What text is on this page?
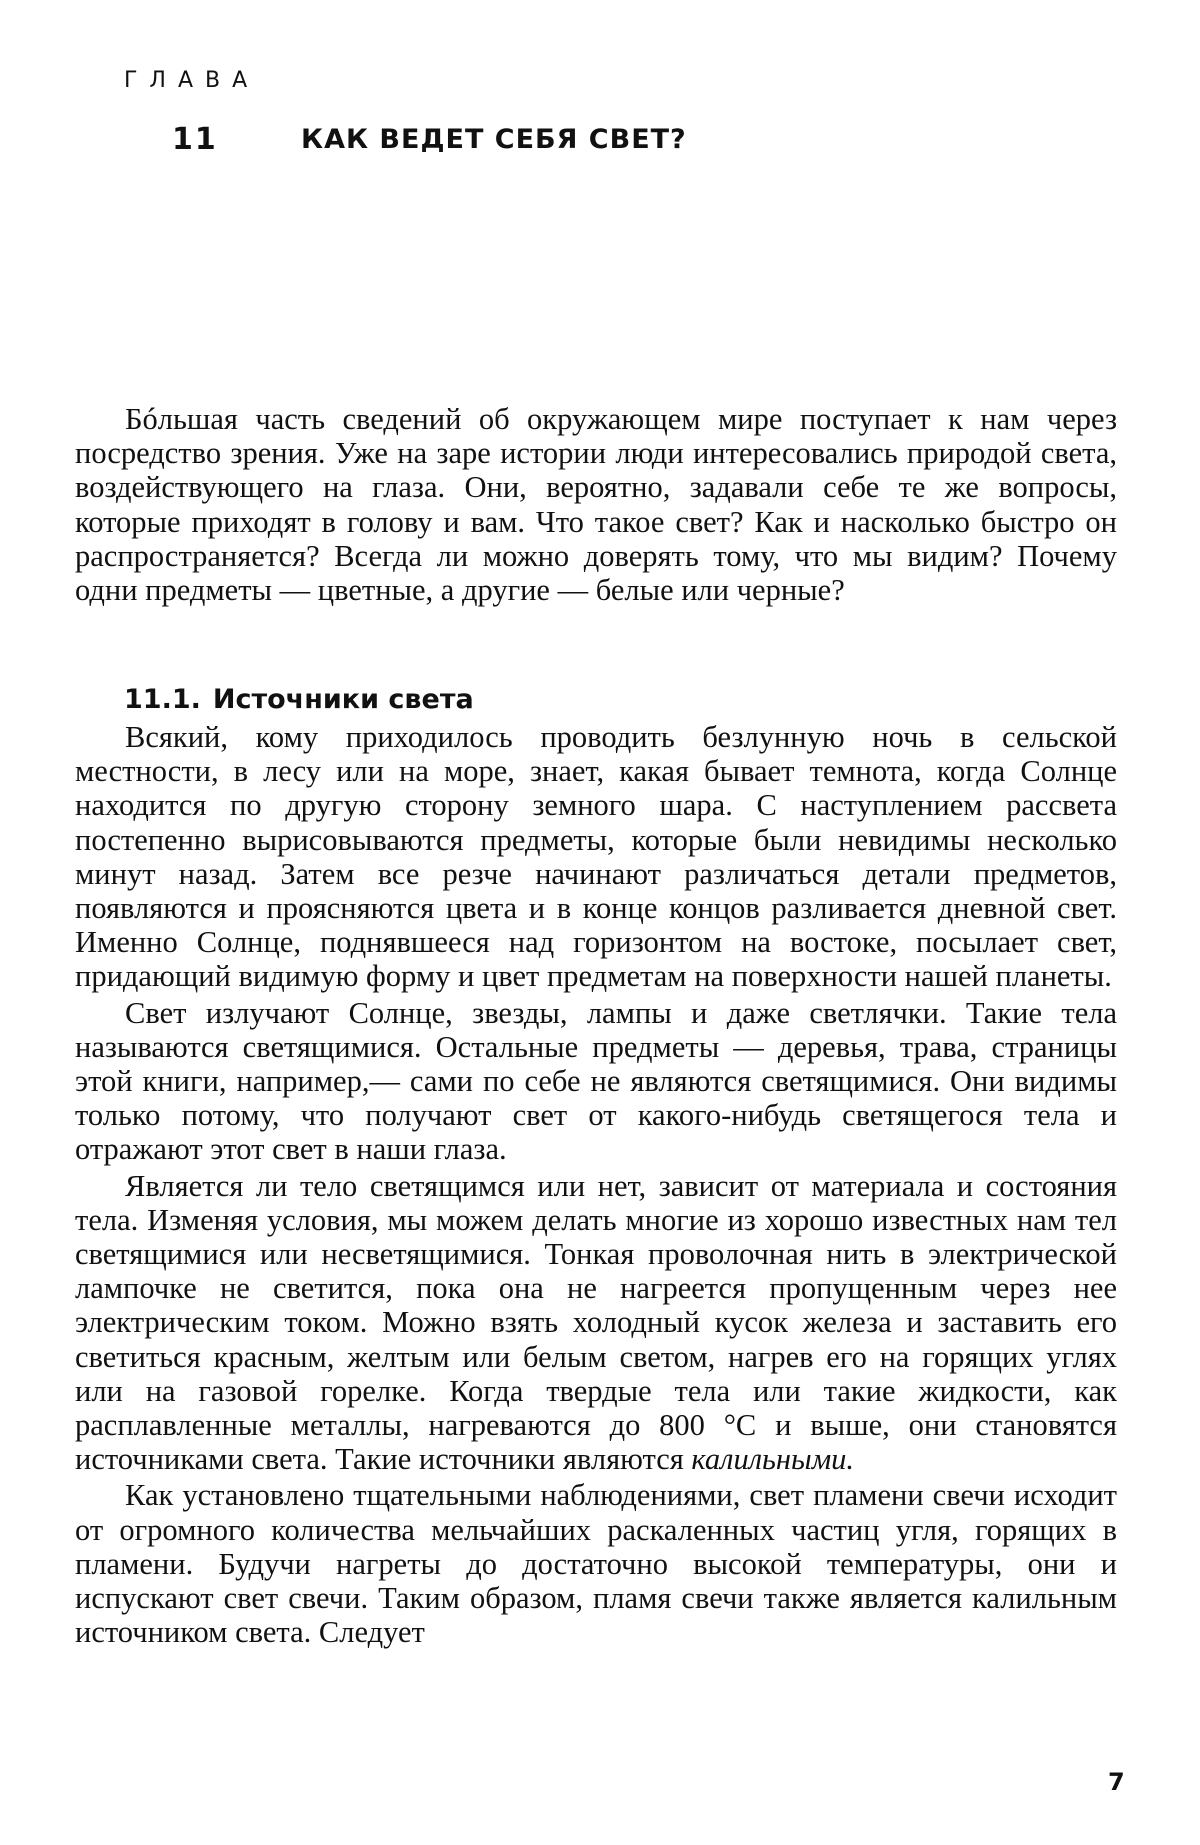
ГЛАВА
11	КАК ВЕДЕТ СЕБЯ СВЕТ?

Бóльшая часть сведений об окружающем мире поступает к нам через посредство зрения. Уже на заре истории люди интересовались природой света, воздействующего на глаза. Они, вероятно, задавали себе те же вопросы, которые приходят в голову и вам. Что такое свет? Как и насколько быстро он распространяется? Всегда ли можно доверять тому, что мы видим? Почему одни предметы — цветные, а другие — белые или черные?

11.1. Источники света

Всякий, кому приходилось проводить безлунную ночь в сельской местности, в лесу или на море, знает, какая бывает темнота, когда Солнце находится по другую сторону земного шара. С наступлением рассвета постепенно вырисовываются предметы, которые были невидимы несколько минут назад. Затем все резче начинают различаться детали предметов, появляются и проясняются цвета и в конце концов разливается дневной свет. Именно Солнце, поднявшееся над горизонтом на востоке, посылает свет, придающий видимую форму и цвет предметам на поверхности нашей планеты.

Свет излучают Солнце, звезды, лампы и даже светлячки. Такие тела называются светящимися. Остальные предметы — деревья, трава, страницы этой книги, например,— сами по себе не являются светящимися. Они видимы только потому, что получают свет от какого-нибудь светящегося тела и отражают этот свет в наши глаза.

Является ли тело светящимся или нет, зависит от материала и состояния тела. Изменяя условия, мы можем делать многие из хорошо известных нам тел светящимися или несветящимися. Тонкая проволочная нить в электрической лампочке не светится, пока она не нагреется пропущенным через нее электрическим током. Можно взять холодный кусок железа и заставить его светиться красным, желтым или белым светом, нагрев его на горящих углях или на газовой горелке. Когда твердые тела или такие жидкости, как расплавленные металлы, нагреваются до 800 °С и выше, они становятся источниками света. Такие источники являются калильными.

Как установлено тщательными наблюдениями, свет пламени свечи исходит от огромного количества мельчайших раскаленных частиц угля, горящих в пламени. Будучи нагреты до достаточно высокой температуры, они и испускают свет свечи. Таким образом, пламя свечи также является калильным источником света. Следует

7
